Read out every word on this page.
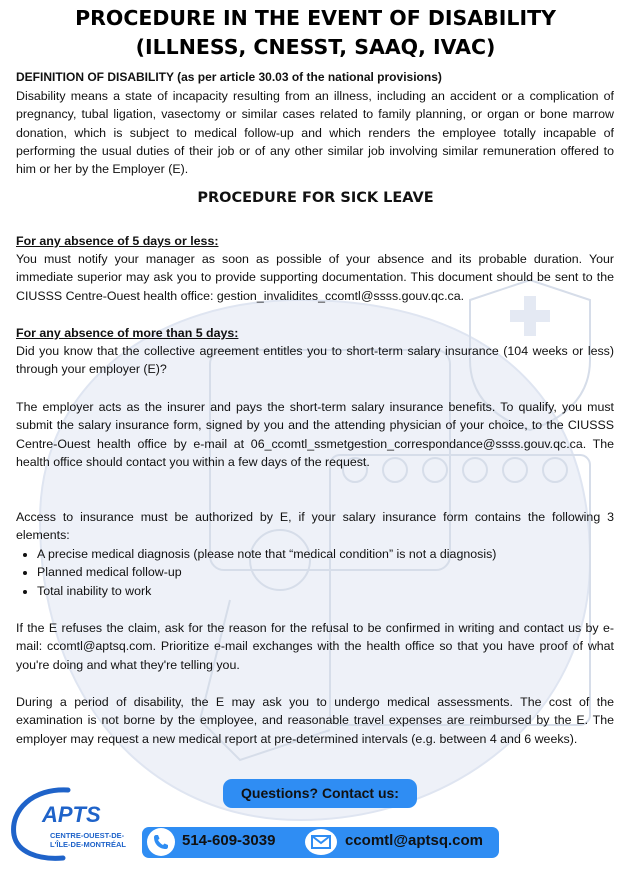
PROCEDURE IN THE EVENT OF DISABILITY
(ILLNESS, CNESST, SAAQ, IVAC)
DEFINITION OF DISABILITY (as per article 30.03 of the national provisions)

Disability means a state of incapacity resulting from an illness, including an accident or a complication of pregnancy, tubal ligation, vasectomy or similar cases related to family planning, or organ or bone marrow donation, which is subject to medical follow-up and which renders the employee totally incapable of performing the usual duties of their job or of any other similar job involving similar remuneration offered to him or her by the Employer (E).

PROCEDURE FOR SICK LEAVE

For any absence of 5 days or less:

You must notify your manager as soon as possible of your absence and its probable duration. Your immediate superior may ask you to provide supporting documentation. This document should be sent to the CIUSSS Centre-Ouest health office: gestion_invalidites_ccomtl@ssss.gouv.qc.ca.

For any absence of more than 5 days:

Did you know that the collective agreement entitles you to short-term salary insurance (104 weeks or less) through your employer (E)?

The employer acts as the insurer and pays the short-term salary insurance benefits. To qualify, you must submit the salary insurance form, signed by you and the attending physician of your choice, to the CIUSSS Centre-Ouest health office by e-mail at 06_ccomtl_ssmetgestion_correspondance@ssss.gouv.qc.ca. The health office should contact you within a few days of the request.

Access to insurance must be authorized by E, if your salary insurance form contains the following 3 elements:

• A precise medical diagnosis (please note that “medical condition” is not a diagnosis)
• Planned medical follow-up
• Total inability to work

If the E refuses the claim, ask for the reason for the refusal to be confirmed in writing and contact us by e-mail: ccomtl@aptsq.com. Prioritize e-mail exchanges with the health office so that you have proof of what you're doing and what they're telling you.

During a period of disability, the E may ask you to undergo medical assessments. The cost of the examination is not borne by the employee, and reasonable travel expenses are reimbursed by the E. The employer may request a new medical report at pre-determined intervals (e.g. between 4 and 6 weeks).

APTS
CENTRE-OUEST-DE-
L'ÎLE-DE-MONTRÉAL
Questions? Contact us:
514-609-3039	ccomtl@aptsq.com
